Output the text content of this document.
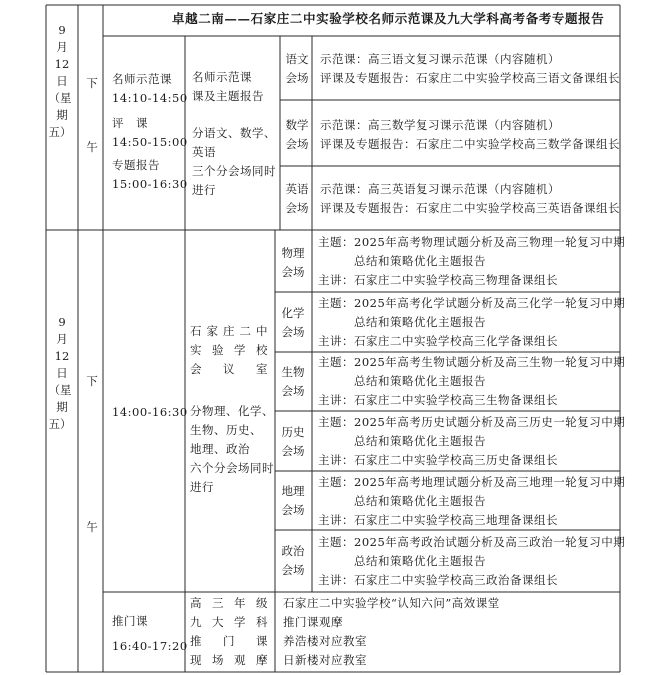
卓越二南——石家庄二中实验学校名师示范课及九大学科高考备考专题报告
9
月
12
日
（星
期
五）
下
午
名师示范课
14:10-14:50
评　课
14:50-15:00
专题报告
15:00-16:30
名师示范课
课及主题报告
分语文、数学、
英语
三个分会场同时
进行
语文
会场
示范课：高三语文复习课示范课（内容随机）
评课及专题报告：石家庄二中实验学校高三语文备课组长
数学
会场
示范课：高三数学复习课示范课（内容随机）
评课及专题报告：石家庄二中实验学校高三数学备课组长
英语
会场
示范课：高三英语复习课示范课（内容随机）
评课及专题报告：石家庄二中实验学校高三英语备课组长
9
月
12
日
（星
期
五）
下
午
14:00-16:30
石家庄二中
实验学校
会议室
分物理、化学、
生物、历史、
地理、政治
六个分会场同时
进行
物理
会场
主题：2025年高考物理试题分析及高三物理一轮复习中期
总结和策略优化主题报告
主讲：石家庄二中实验学校高三物理备课组长
化学
会场
主题：2025年高考化学试题分析及高三化学一轮复习中期
总结和策略优化主题报告
主讲：石家庄二中实验学校高三化学备课组长
生物
会场
主题：2025年高考生物试题分析及高三生物一轮复习中期
总结和策略优化主题报告
主讲：石家庄二中实验学校高三生物备课组长
历史
会场
主题：2025年高考历史试题分析及高三历史一轮复习中期
总结和策略优化主题报告
主讲：石家庄二中实验学校高三历史备课组长
地理
会场
主题：2025年高考地理试题分析及高三地理一轮复习中期
总结和策略优化主题报告
主讲：石家庄二中实验学校高三地理备课组长
政治
会场
主题：2025年高考政治试题分析及高三政治一轮复习中期
总结和策略优化主题报告
主讲：石家庄二中实验学校高三政治备课组长
推门课
16:40-17:20
高三年级
九大学科
推门课
现场观摩
石家庄二中实验学校“认知六问”高效课堂
推门课观摩
养浩楼对应教室
日新楼对应教室
